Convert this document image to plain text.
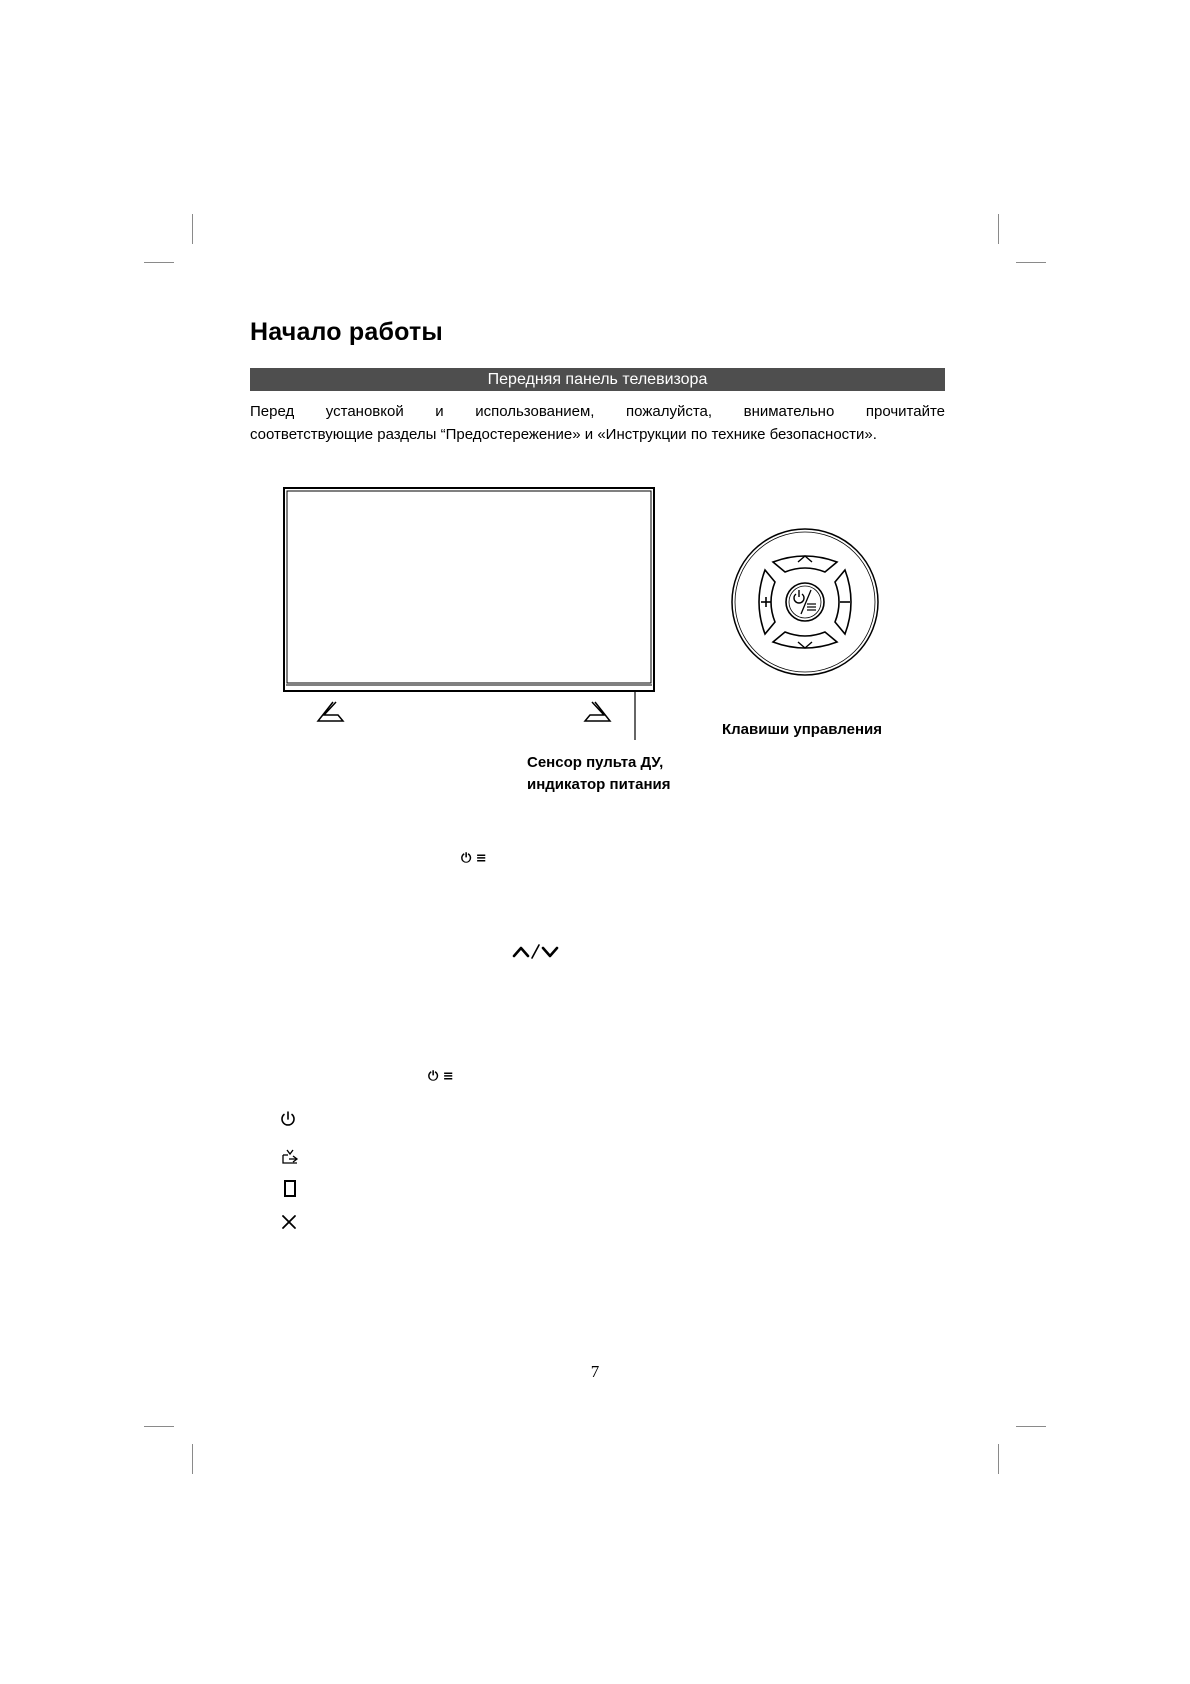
Начало работы
Передняя панель телевизора

Перед установкой и использованием, пожалуйста, внимательно прочитайте
соответствующие разделы “Предостережение» и «Инструкции по технике безопасности».

Клавиши управления

Сенсор пульта ДУ,
индикатор питания

⏻ ≡
⏻ ≡
7
